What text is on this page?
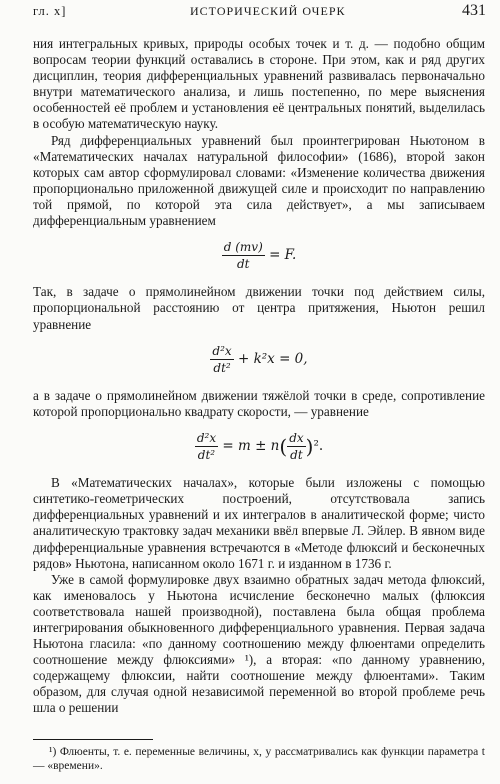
гл. x]	ИСТОРИЧЕСКИЙ ОЧЕРК	431

ния интегральных кривых, природы особых точек и т. д. — подобно общим вопросам теории функций оставались в стороне. При этом, как и ряд других дисциплин, теория дифференциальных уравнений развивалась первоначально внутри математического анализа, и лишь постепенно, по мере выяснения особенностей её проблем и установления её центральных понятий, выделилась в особую математическую науку.

Ряд дифференциальных уравнений был проинтегрирован Ньютоном в «Математических началах натуральной философии» (1686), второй закон которых сам автор сформулировал словами: «Изменение количества движения пропорционально приложенной движущей силе и происходит по направлению той прямой, по которой эта сила действует», а мы записываем дифференциальным уравнением

$\frac{d (mv)}{dt} = F$.

Так, в задаче о прямолинейном движении точки под действием силы, пропорциональной расстоянию от центра притяжения, Ньютон решил уравнение

$\frac{\text{d²x}}{\text{dt²}} + k^2x = 0$,

а в задаче о прямолинейном движении тяжёлой точки в среде, сопротивление которой пропорционально квадрату скорости, — уравнение

$\frac{\text{d²x}}{\text{dt²}} = m \pm n( \frac{dx}{dt} )^2$.

В «Математических началах», которые были изложены с помощью синтетико-геометрических построений, отсутствовала запись дифференциальных уравнений и их интегралов в аналитической форме; чисто аналитическую трактовку задач механики ввёл впервые Л. Эйлер. В явном виде дифференциальные уравнения встречаются в «Методе флюксий и бесконечных рядов» Ньютона, написанном около 1671 г. и изданном в 1736 г.

Уже в самой формулировке двух взаимно обратных задач метода флюксий, как именовалось у Ньютона исчисление бесконечно малых (флюксия соответствовала нашей производной), поставлена была общая проблема интегрирования обыкновенного дифференциального уравнения. Первая задача Ньютона гласила: «по данному соотношению между флюентами определить соотношение между флюксиями» ¹), а вторая: «по данному уравнению, содержащему флюксии, найти соотношение между флюентами». Таким образом, для случая одной независимой переменной во второй проблеме речь шла о решении

¹) Флюенты, т. е. переменные величины, x, y рассматривались как функции параметра t — «времени».
